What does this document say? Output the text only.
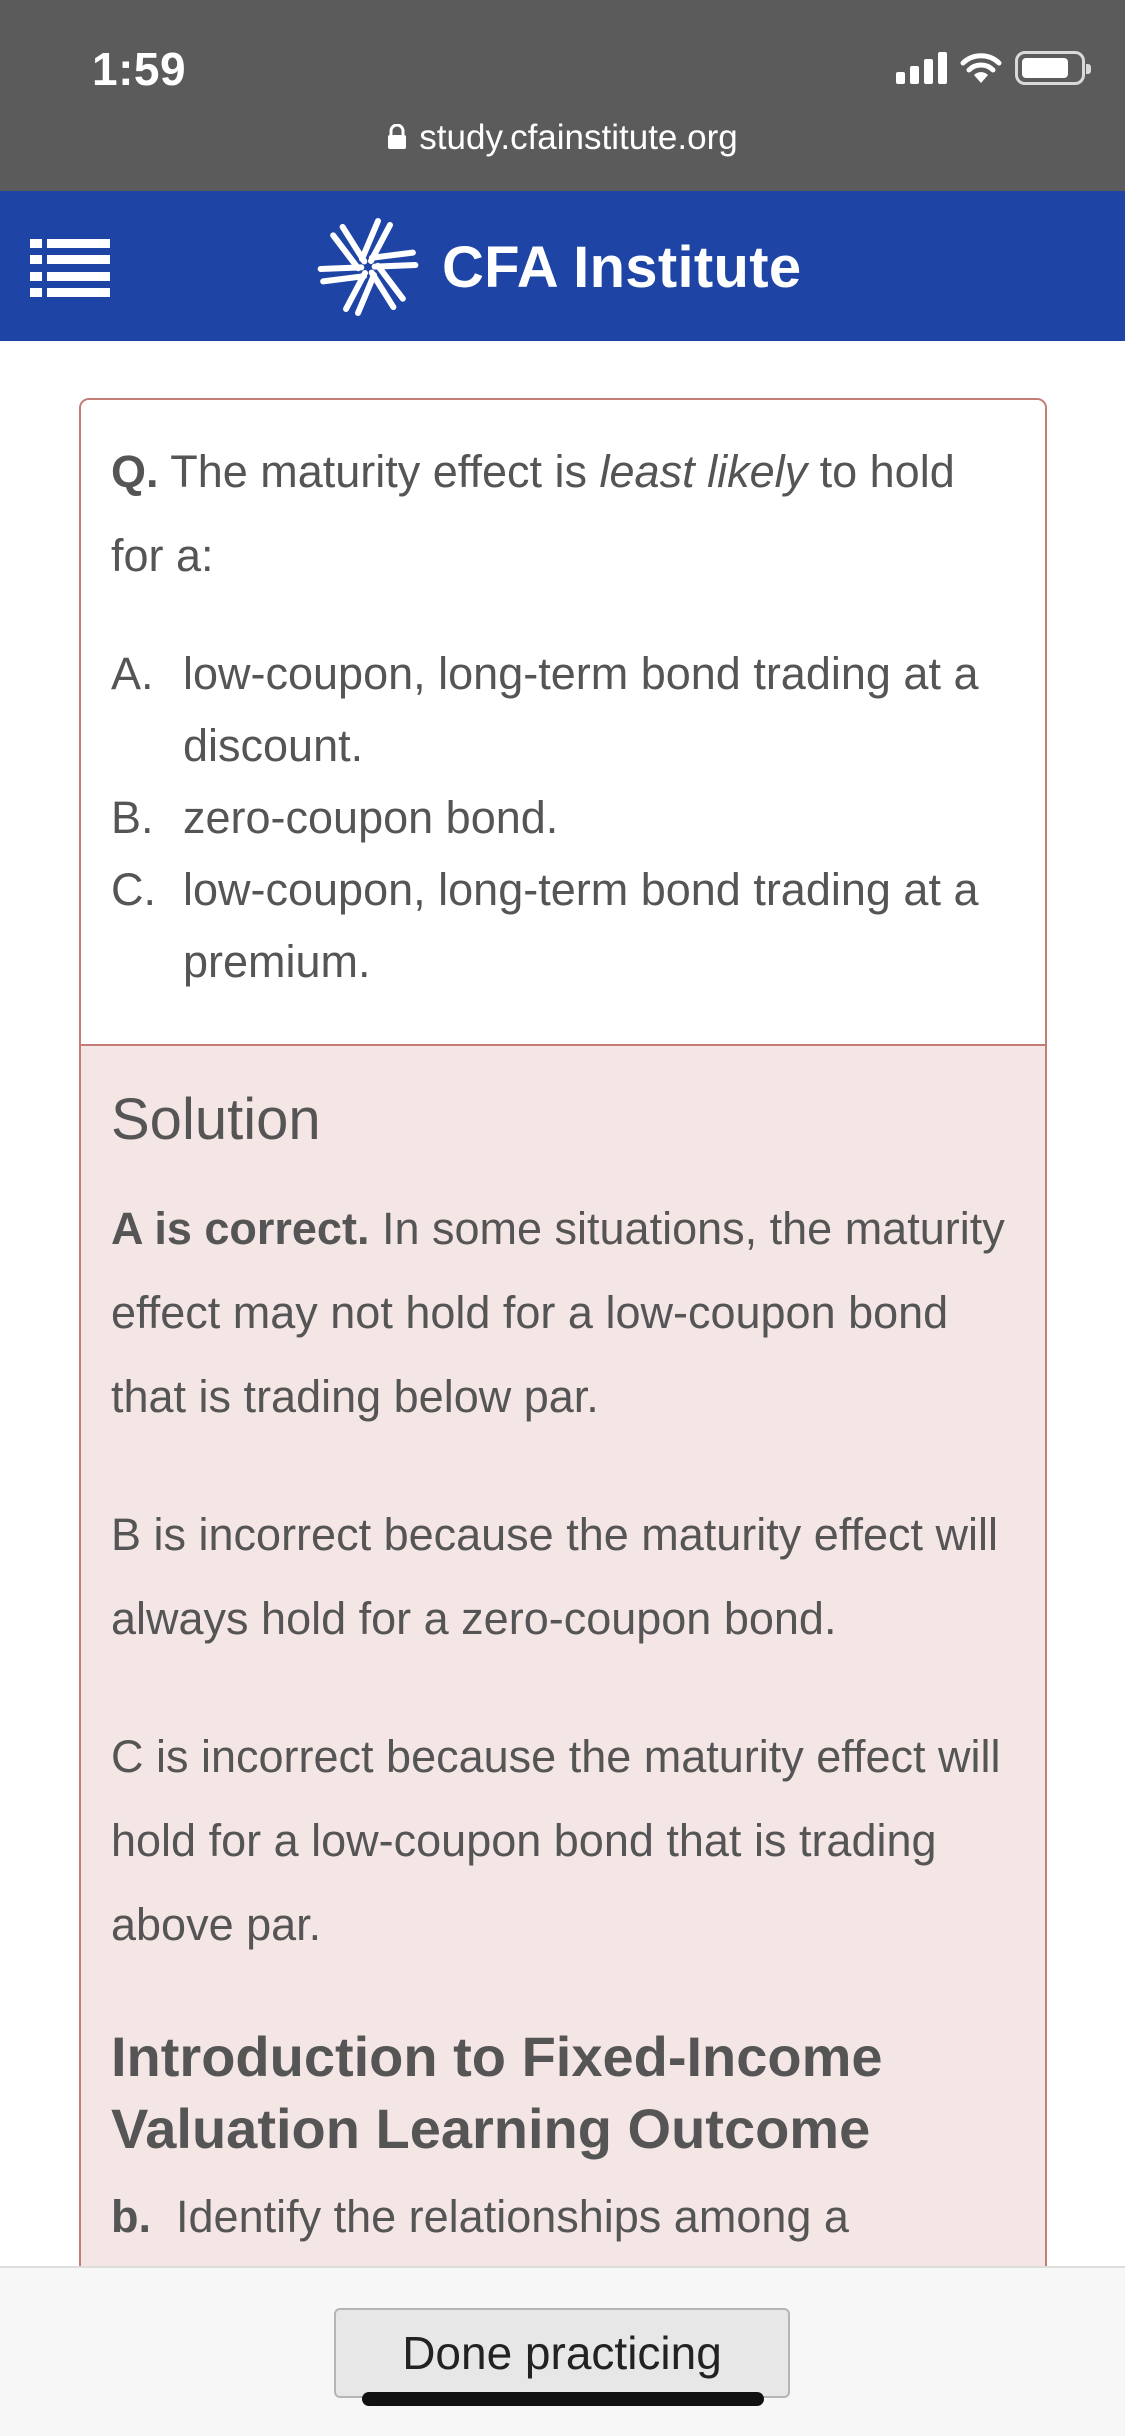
1:59
study.cfainstitute.org
CFA Institute

Q. The maturity effect is least likely to hold for a:

A. low-coupon, long-term bond trading at a discount.
B. zero-coupon bond.
C. low-coupon, long-term bond trading at a premium.
Solution

A is correct. In some situations, the maturity effect may not hold for a low-coupon bond that is trading below par.

B is incorrect because the maturity effect will always hold for a zero-coupon bond.

C is incorrect because the maturity effect will hold for a low-coupon bond that is trading above par.

Introduction to Fixed-Income Valuation Learning Outcome

b. Identify the relationships among a

Done practicing
